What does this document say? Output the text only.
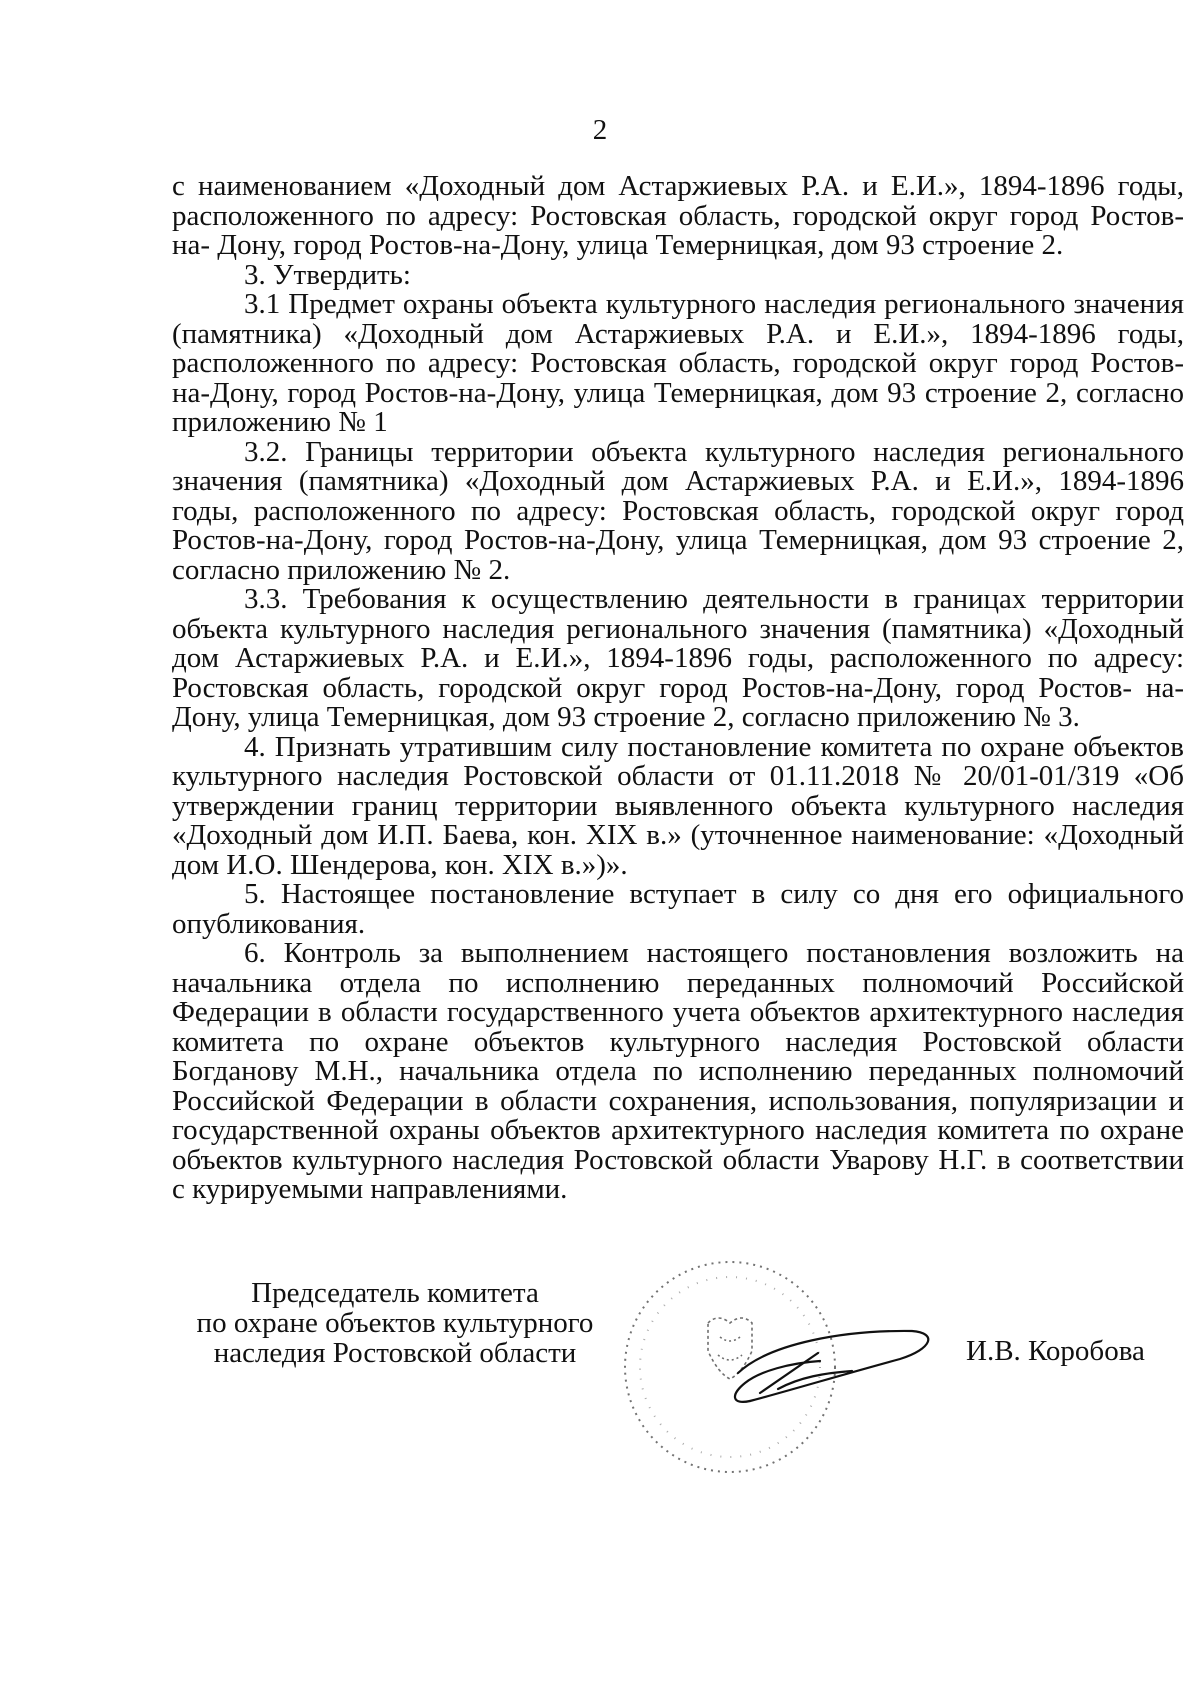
2

с наименованием «Доходный дом Астаржиевых Р.А. и Е.И.», 1894-1896 годы, расположенного по адресу: Ростовская область, городской округ город Ростов- на- Дону, город Ростов-на-Дону, улица Темерницкая, дом 93 строение 2.

3. Утвердить:

3.1 Предмет охраны объекта культурного наследия регионального значения (памятника) «Доходный дом Астаржиевых Р.А. и Е.И.», 1894-1896 годы, расположенного по адресу: Ростовская область, городской округ город Ростов-на-Дону, город Ростов-на-Дону, улица Темерницкая, дом 93 строение 2, согласно приложению № 1

3.2. Границы территории объекта культурного наследия регионального значения (памятника) «Доходный дом Астаржиевых Р.А. и Е.И.», 1894-1896 годы, расположенного по адресу: Ростовская область, городской округ город Ростов-на-Дону, город Ростов-на-Дону, улица Темерницкая, дом 93 строение 2, согласно приложению № 2.

3.3. Требования к осуществлению деятельности в границах территории объекта культурного наследия регионального значения (памятника) «Доходный дом Астаржиевых Р.А. и Е.И.», 1894-1896 годы, расположенного по адресу: Ростовская область, городской округ город Ростов-на-Дону, город Ростов- на- Дону, улица Темерницкая, дом 93 строение 2, согласно приложению № 3.

4. Признать утратившим силу постановление комитета по охране объектов культурного наследия Ростовской области от 01.11.2018 № 20/01-01/319 «Об утверждении границ территории выявленного объекта культурного наследия «Доходный дом И.П. Баева, кон. XIX в.» (уточненное наименование: «Доходный дом И.О. Шендерова, кон. XIX в.»)».

5. Настоящее постановление вступает в силу со дня его официального опубликования.

6. Контроль за выполнением настоящего постановления возложить на начальника отдела по исполнению переданных полномочий Российской Федерации в области государственного учета объектов архитектурного наследия комитета по охране объектов культурного наследия Ростовской области Богданову М.Н., начальника отдела по исполнению переданных полномочий Российской Федерации в области сохранения, использования, популяризации и государственной охраны объектов архитектурного наследия комитета по охране объектов культурного наследия Ростовской области Уварову Н.Г. в соответствии с курируемыми направлениями.

Председатель комитета
по охране объектов культурного
наследия Ростовской области	И.В. Коробова
